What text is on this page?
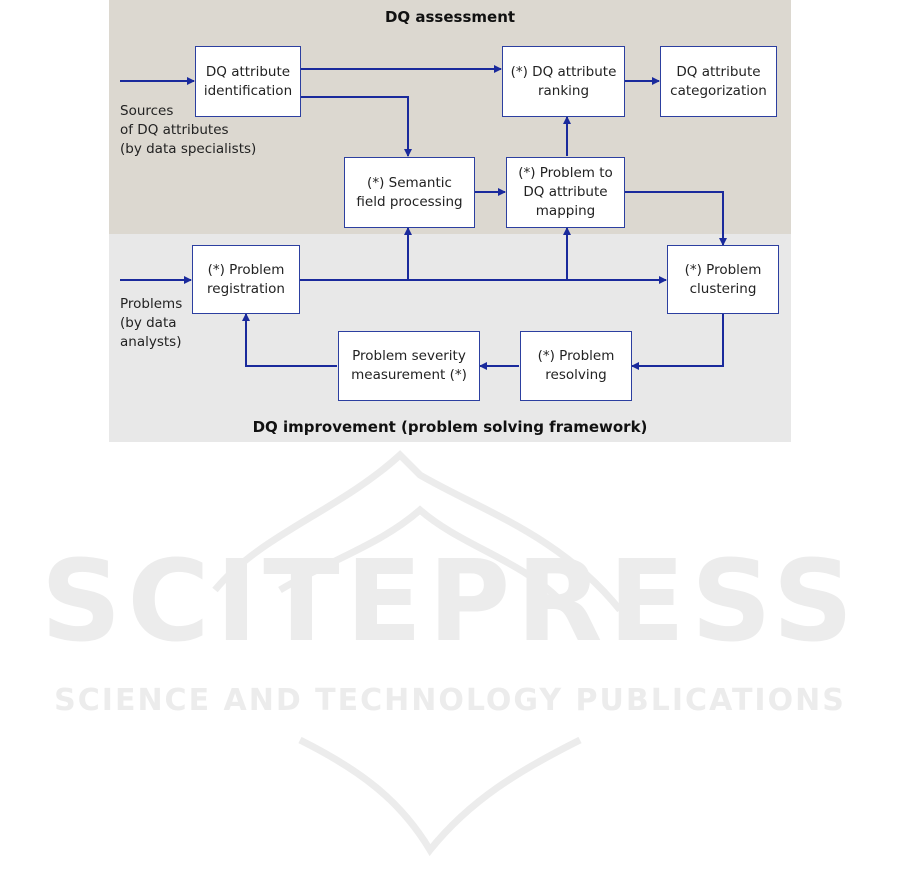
DQ assessment
DQ improvement (problem solving framework)
DQ attribute
identification
(*) DQ attribute
ranking
DQ attribute
categorization
(*) Semantic
field processing
(*) Problem to
DQ attribute
mapping
(*) Problem
registration
(*) Problem
clustering
(*) Problem
resolving
Problem severity
measurement (*)
Sources
of DQ attributes
(by data specialists)
Problems
(by data
analysts)
SCITEPRESS
SCIENCE AND TECHNOLOGY PUBLICATIONS
